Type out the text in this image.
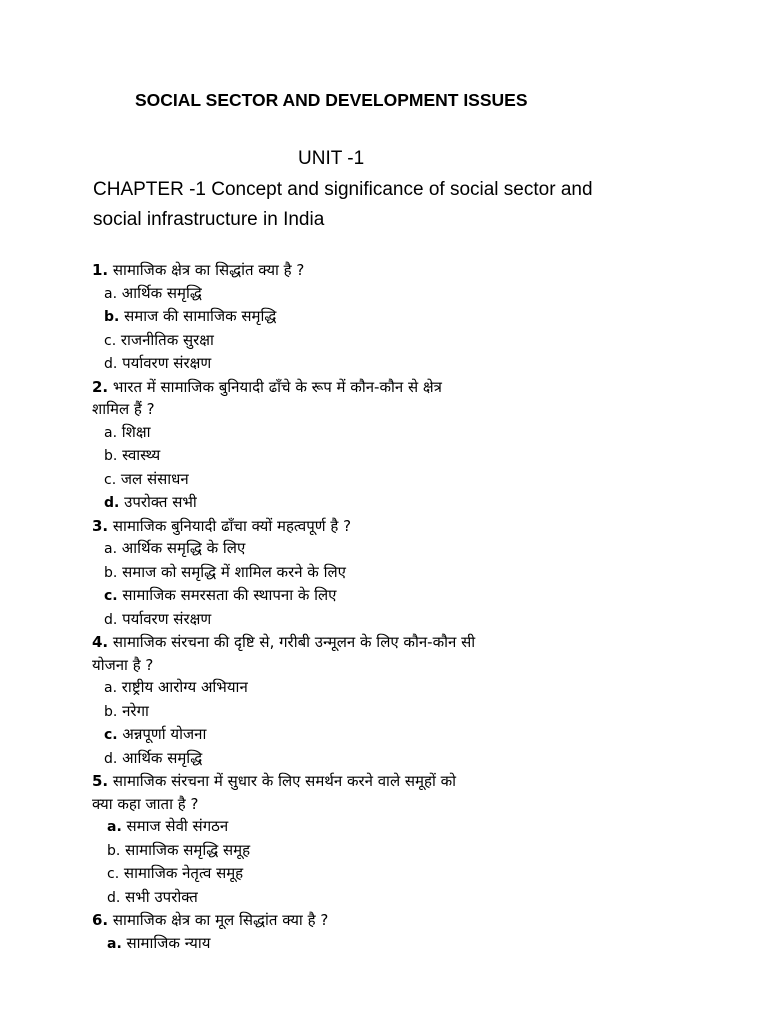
SOCIAL SECTOR AND DEVELOPMENT ISSUES
UNIT -1
CHAPTER -1 Concept and significance of social sector and
social infrastructure in India
1. सामाजिक क्षेत्र का सिद्धांत क्या है ?
a. आर्थिक समृद्धि
b. समाज की सामाजिक समृद्धि
c. राजनीतिक सुरक्षा
d. पर्यावरण संरक्षण
2. भारत में सामाजिक बुनियादी ढाँचे के रूप में कौन-कौन से क्षेत्र
शामिल हैं ?
a. शिक्षा
b. स्वास्थ्य
c. जल संसाधन
d. उपरोक्त सभी
3. सामाजिक बुनियादी ढाँचा क्यों महत्वपूर्ण है ?
a. आर्थिक समृद्धि के लिए
b. समाज को समृद्धि में शामिल करने के लिए
c. सामाजिक समरसता की स्थापना के लिए
d. पर्यावरण संरक्षण
4. सामाजिक संरचना की दृष्टि से, गरीबी उन्मूलन के लिए कौन-कौन सी
योजना है ?
a. राष्ट्रीय आरोग्य अभियान
b. नरेगा
c. अन्नपूर्णा योजना
d. आर्थिक समृद्धि
5. सामाजिक संरचना में सुधार के लिए समर्थन करने वाले समूहों को
क्या कहा जाता है ?
a. समाज सेवी संगठन
b. सामाजिक समृद्धि समूह
c. सामाजिक नेतृत्व समूह
d. सभी उपरोक्त
6. सामाजिक क्षेत्र का मूल सिद्धांत क्या है ?
a. सामाजिक न्याय
